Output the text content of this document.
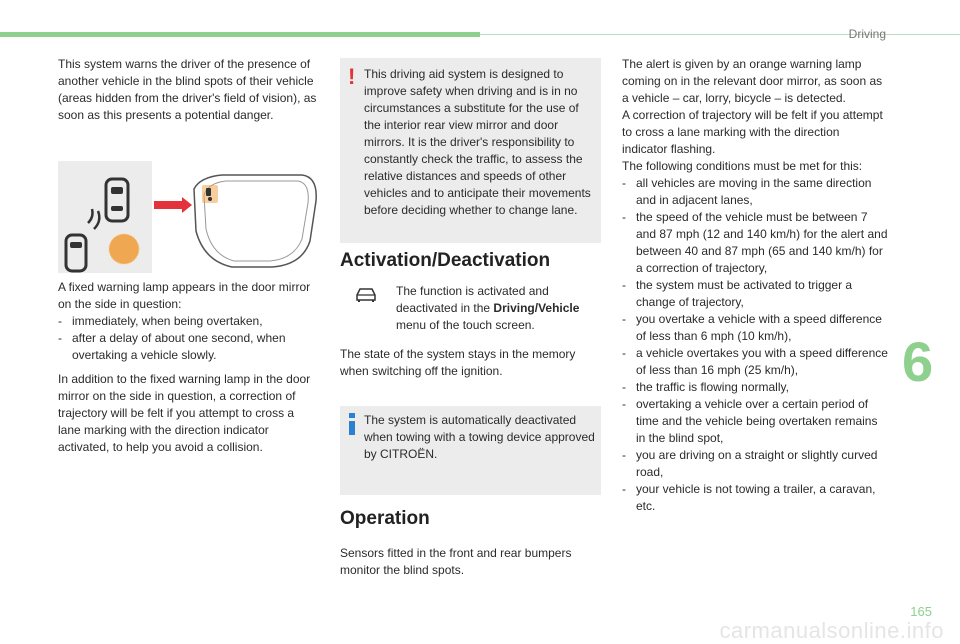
Driving

This system warns the driver of the presence of another vehicle in the blind spots of their vehicle (areas hidden from the driver's field of vision), as soon as this presents a potential danger.

A fixed warning lamp appears in the door mirror on the side in question:
- immediately, when being overtaken,
- after a delay of about one second, when overtaking a vehicle slowly.
In addition to the fixed warning lamp in the door mirror on the side in question, a correction of trajectory will be felt if you attempt to cross a lane marking with the direction indicator activated, to help you avoid a collision.
! This driving aid system is designed to improve safety when driving and is in no circumstances a substitute for the use of the interior rear view mirror and door mirrors. It is the driver's responsibility to constantly check the traffic, to assess the relative distances and speeds of other vehicles and to anticipate their movements before deciding whether to change lane.
Activation/Deactivation
The function is activated and deactivated in the Driving/Vehicle menu of the touch screen.
The state of the system stays in the memory when switching off the ignition.
The system is automatically deactivated when towing with a towing device approved by CITROËN.
Operation
Sensors fitted in the front and rear bumpers monitor the blind spots.

The alert is given by an orange warning lamp coming on in the relevant door mirror, as soon as a vehicle – car, lorry, bicycle – is detected.

A correction of trajectory will be felt if you attempt to cross a lane marking with the direction indicator flashing.

The following conditions must be met for this:

- all vehicles are moving in the same direction and in adjacent lanes,
- the speed of the vehicle must be between 7 and 87 mph (12 and 140 km/h) for the alert and between 40 and 87 mph (65 and 140 km/h) for a correction of trajectory,
- the system must be activated to trigger a change of trajectory,
- you overtake a vehicle with a speed difference of less than 6 mph (10 km/h),
- a vehicle overtakes you with a speed difference of less than 16 mph (25 km/h),
- the traffic is flowing normally,
- overtaking a vehicle over a certain period of time and the vehicle being overtaken remains in the blind spot,
- you are driving on a straight or slightly curved road,
- your vehicle is not towing a trailer, a caravan, etc.
6
165
carmanualsonline.info
